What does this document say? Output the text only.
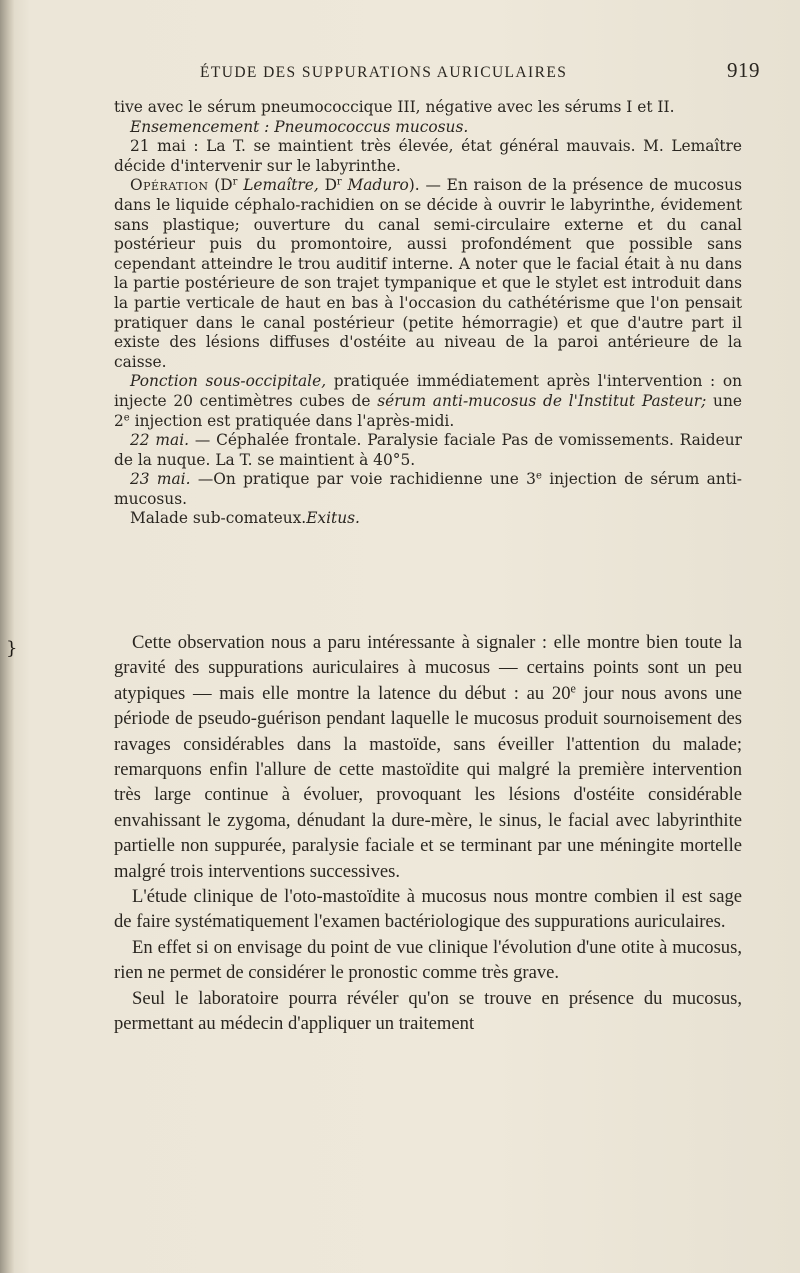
}
ÉTUDE DES SUPPURATIONS AURICULAIRES	919

tive avec le sérum pneumococcique III, négative avec les sérums I et II.

Ensemencement : Pneumococcus mucosus.

21 mai : La T. se maintient très élevée, état général mauvais. M. Lemaître décide d'intervenir sur le labyrinthe.

Opération ($D^r$ Lemaître, $D^r$ Maduro). — En raison de la présence de mucosus dans le liquide céphalo-rachidien on se décide à ouvrir le labyrinthe, évidement sans plastique; ouverture du canal semi-circulaire externe et du canal postérieur puis du promontoire, aussi profondément que possible sans cependant atteindre le trou auditif interne. A noter que le facial était à nu dans la partie postérieure de son trajet tympanique et que le stylet est introduit dans la partie verticale de haut en bas à l'occasion du cathétérisme que l'on pensait pratiquer dans le canal postérieur (petite hémorragie) et que d'autre part il existe des lésions diffuses d'ostéite au niveau de la paroi antérieure de la caisse.

Ponction sous-occipitale, pratiquée immédiatement après l'intervention : on injecte 20 centimètres cubes de sérum anti-mucosus de l'Institut Pasteur; une 2e injection est pratiquée dans l'après-midi.

22 mai. — Céphalée frontale. Paralysie faciale Pas de vomissements. Raideur de la nuque. La T. se maintient à 40°5.

23 mai. —On pratique par voie rachidienne une 3e injection de sérum anti-mucosus.

Malade sub-comateux.Exitus.

Cette observation nous a paru intéressante à signaler : elle montre bien toute la gravité des suppurations auriculaires à mucosus — certains points sont un peu atypiques — mais elle montre la latence du début : au 20e jour nous avons une période de pseudo-guérison pendant laquelle le mucosus produit sournoisement des ravages considérables dans la mastoïde, sans éveiller l'attention du malade; remarquons enfin l'allure de cette mastoïdite qui malgré la première intervention très large continue à évoluer, provoquant les lésions d'ostéite considérable envahissant le zygoma, dénudant la dure-mère, le sinus, le facial avec labyrinthite partielle non suppurée, paralysie faciale et se terminant par une méningite mortelle malgré trois interventions successives.

L'étude clinique de l'oto-mastoïdite à mucosus nous montre combien il est sage de faire systématiquement l'examen bactériologique des suppurations auriculaires.

En effet si on envisage du point de vue clinique l'évolution d'une otite à mucosus, rien ne permet de considérer le pronostic comme très grave.

Seul le laboratoire pourra révéler qu'on se trouve en présence du mucosus, permettant au médecin d'appliquer un traitement
